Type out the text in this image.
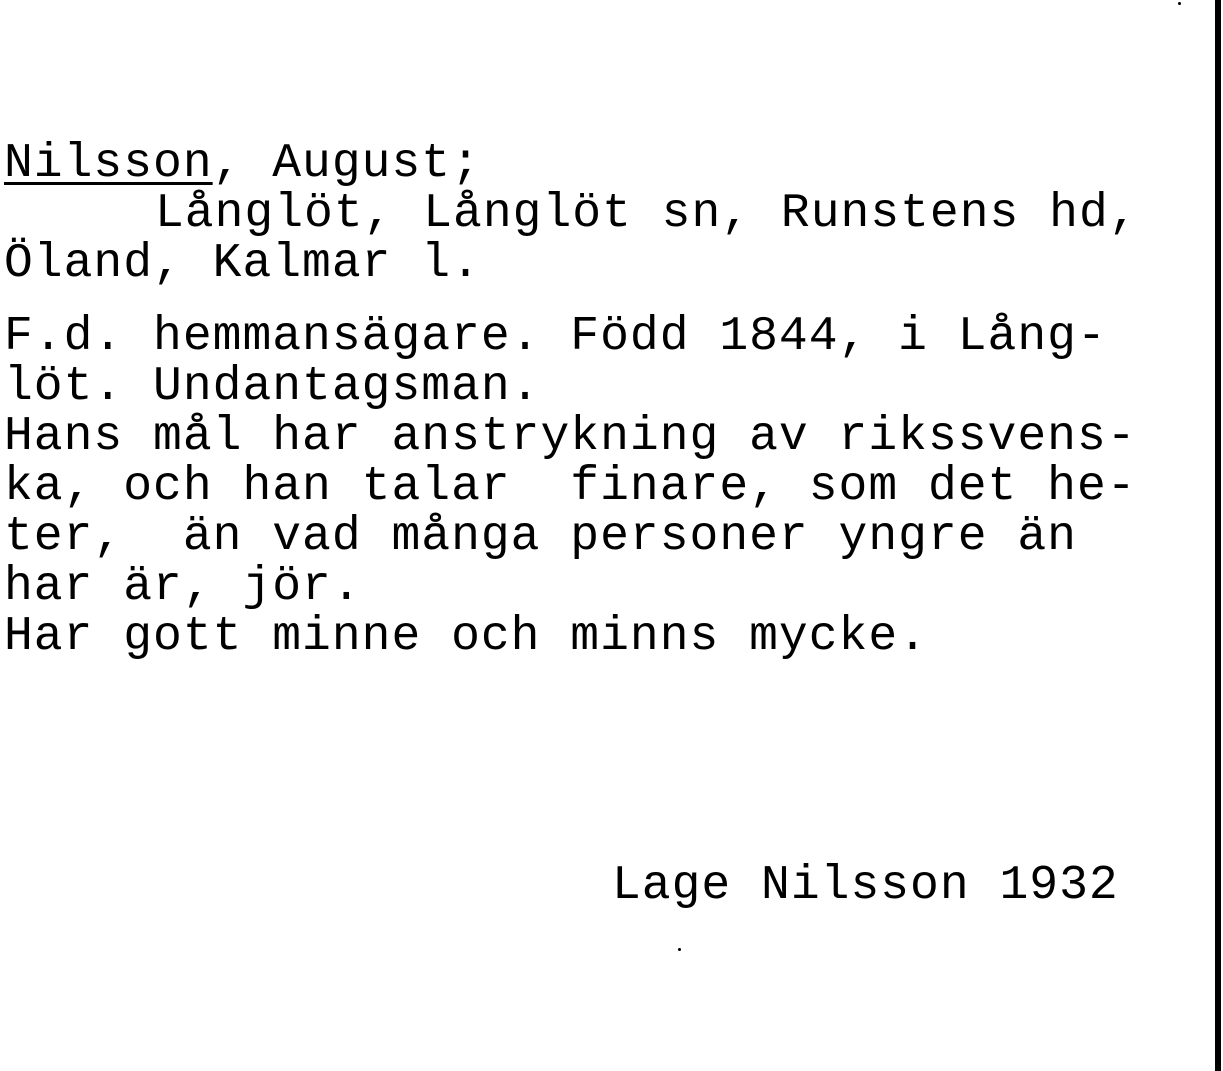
Nilsson, August;
Långlöt, Långlöt sn, Runstens hd,
Öland, Kalmar l.
F.d. hemmansägare. Född 1844, i Lång-
löt. Undantagsman.
Hans mål har anstrykning av rikssvens-
ka, och han talar  finare, som det he-
ter,  än vad många personer yngre än
har är, jör.
Har gott minne och minns mycke.
Lage Nilsson 1932
